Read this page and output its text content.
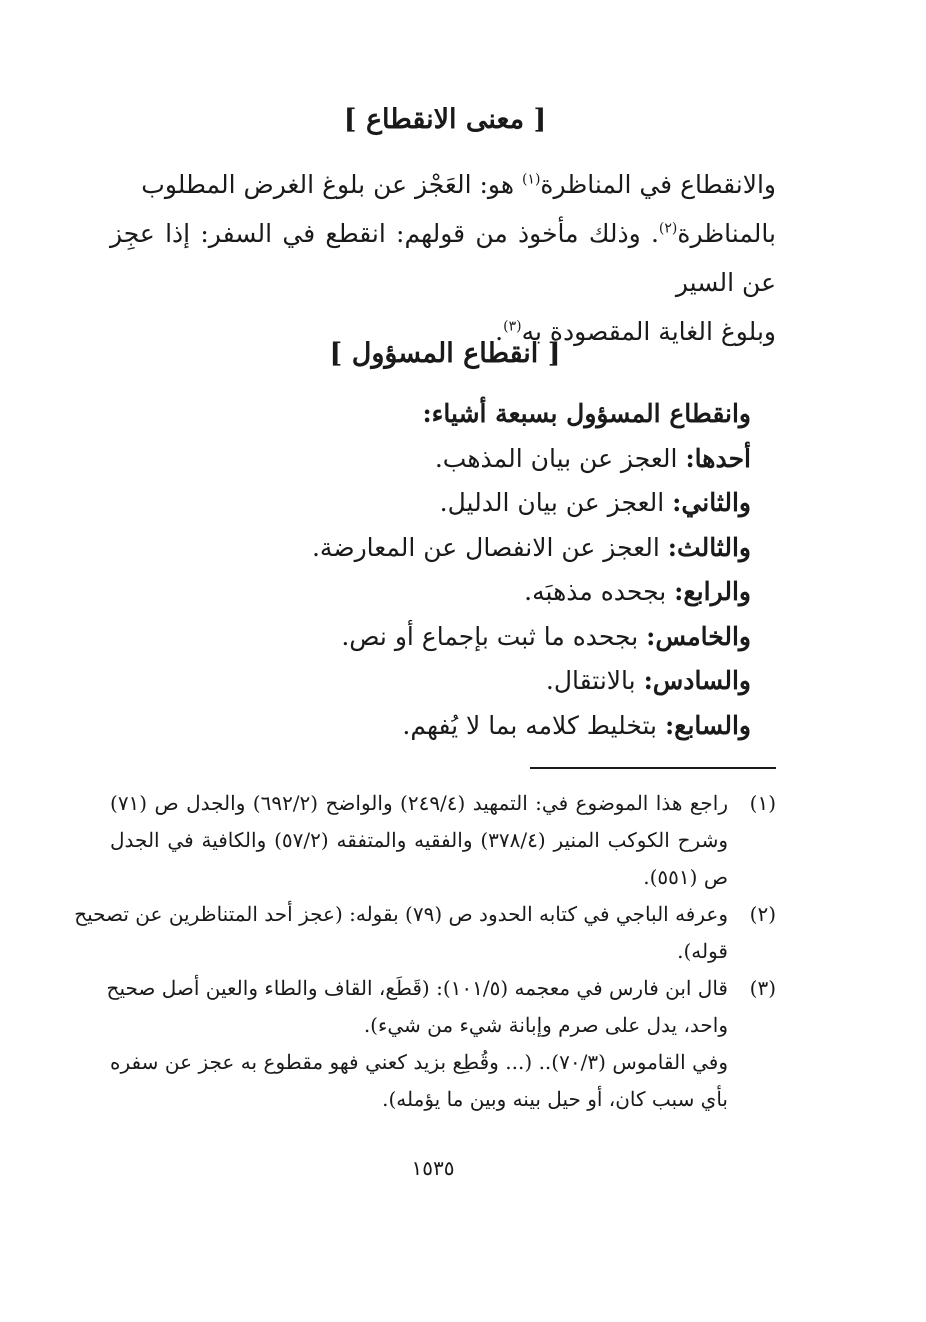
[ معنى الانقطاع ]
والانقطاع في المناظرة$^{(١)}$ هو: العَجْز عن بلوغ الغرض المطلوب
بالمناظرة$^{(٢)}$. وذلك مأخوذ من قولهم: انقطع في السفر: إذا عجِز عن السير
وبلوغ الغاية المقصودة به$^{(٣)}$.
[ انقطاع المسؤول ]
وانقطاع المسؤول بسبعة أشياء:
أحدها: العجز عن بيان المذهب.
والثاني: العجز عن بيان الدليل.
والثالث: العجز عن الانفصال عن المعارضة.
والرابع: بجحده مذهبَه.
والخامس: بجحده ما ثبت بإجماع أو نص.
والسادس: بالانتقال.
والسابع: بتخليط كلامه بما لا يُفهم.
(١)
راجع هذا الموضوع في: التمهيد (٢٤٩/٤) والواضح (٦٩٢/٢) والجدل ص (٧١)
وشرح الكوكب المنير (٣٧٨/٤) والفقيه والمتفقه (٥٧/٢) والكافية في الجدل
ص (٥٥١).
(٢)
وعرفه الباجي في كتابه الحدود ص (٧٩) بقوله: (عجز أحد المتناظرين عن تصحيح
قوله).
(٣)
قال ابن فارس في معجمه (١٠١/٥): (قَطَع، القاف والطاء والعين أصل صحيح
واحد، يدل على صرم وإبانة شيء من شيء).
وفي القاموس (٧٠/٣).. (... وقُطِع بزيد كعني فهو مقطوع به عجز عن سفره
بأي سبب كان، أو حيل بينه وبين ما يؤمله).
١٥٣٥
